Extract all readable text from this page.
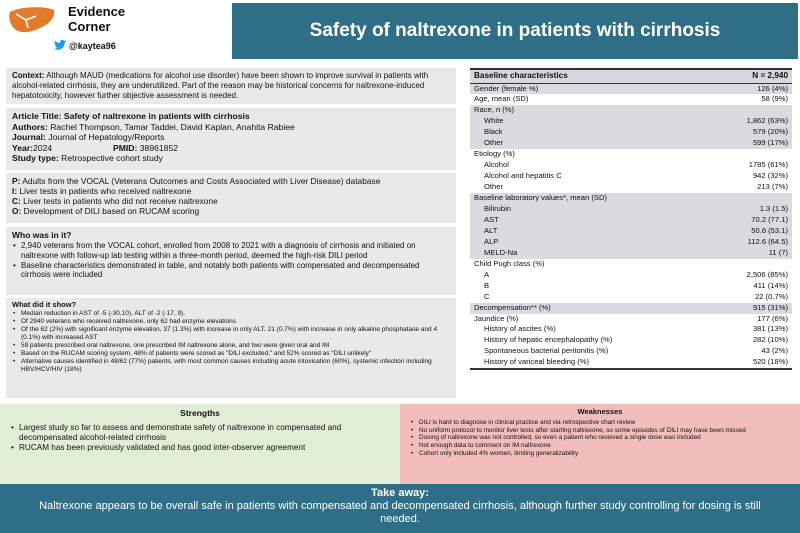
Evidence
Corner
@kaytea96
Safety of naltrexone in patients with cirrhosis
Context: Although MAUD (medications for alcohol use disorder) have been shown to improve survival in patients with alcohol-related cirrhosis, they are underutilized. Part of the reason may be historical concerns for naltrexone-induced hepatotoxicity, however further objective assessment is needed.
Article Title: Safety of naltrexone in patients with cirrhosis
Authors: Rachel Thompson, Tamar Taddei, David Kaplan, Anahita Rabiee
Journal: Journal of Hepatology/Reports
Year:2024	PMID: 38961852
Study type: Retrospective cohort study
P: Adults from the VOCAL (Veterans Outcomes and Costs Associated with Liver Disease) database
I: Liver tests in patients who received naltrexone
C: Liver tests in patients who did not receive naltrexone
O: Development of DILI based on RUCAM scoring
Who was in it?
• 2,940 veterans from the VOCAL cohort, enrolled from 2008 to 2021 with a diagnosis of cirrhosis and initiated on naltrexone with follow-up lab testing within a three-month period, deemed the high-risk DILI period
• Baseline characteristics demonstrated in table, and notably both patients with compensated and decompensated cirrhosis were included
What did it show?
• Median reduction in AST of -5 (-30,10), ALT of -2 (-17, 9).
• Of 2940 veterans who received naltrexone, only 62 had enzyme elevations
• Of the 62 (2%) with significant enzyme elevation, 37 (1.3%) with increase in only ALT, 21 (0.7%) with increase in only alkaline phosphatase and 4 (0.1%) with increased AST
• 59 patients prescribed oral naltrexone, one prescribed IM naltrexone alone, and two were given oral and IM
• Based on the RUCAM scoring system, 48% of patients were scored as “DILI excluded,” and 52% scored as “DILI unlikely”
• Alternative causes identified in 48/62 (77%) patients, with most common causes including acute intoxication (60%), systemic infection including HBV/HCV/HIV (18%)
Baseline characteristics	N = 2,940
Gender (female %)	126 (4%)
Age, mean (SD)	58 (9%)
Race, n (%)	
White	1,862 (63%)
Black	579 (20%)
Other	599 (17%)
Etiology (%)	
Alcohol	1785 (61%)
Alcohol and hepatitis C	942 (32%)
Other	213 (7%)
Baseline laboratory values*, mean (SD)	
Bilirubin	1.3 (1.5)
AST	70.2 (77.1)
ALT	50.6 (53.1)
ALP	112.6 (64.5)
MELD-Na	11 (7)
Child Pugh class (%)	
A	2,506 (85%)
B	411 (14%)
C	22 (0.7%)
Decompensation** (%)	915 (31%)
Jaundice (%)	177 (6%)
History of ascites (%)	381 (13%)
History of hepatic encephalopathy (%)	282 (10%)
Spontaneous bacterial peritonitis (%)	43 (2%)
History of variceal bleeding (%)	520 (18%)
Strengths
• Largest study so far to assess and demonstrate safety of naltrexone in compensated and decompensated alcohol-related cirrhosis
• RUCAM has been previously validated and has good inter-observer agreement
Weaknesses
• DILI is hard to diagnose in clinical practice and via retrospective chart review
• No uniform protocol to monitor liver tests after starting naltrexone, so some episodes of DILI may have been missed
• Dosing of naltrexone was not controlled, so even a patient who received a single dose was included
• Not enough data to comment on IM naltrexone
• Cohort only included 4% women, limiting generalizability
Take away:
Naltrexone appears to be overall safe in patients with compensated and decompensated cirrhosis, although further study controlling for dosing is still needed.
